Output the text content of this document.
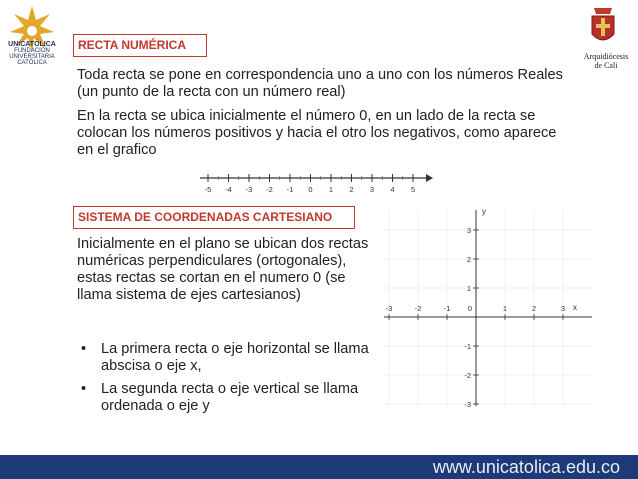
UNICATÓLICA
FUNDACIÓN
UNIVERSITARIA
CATÓLICA
Arquidiócesis
de Cali
RECTA NUMÉRICA
Toda recta se pone en correspondencia uno a uno con los números Reales (un punto de la recta con un número real)
En la recta se ubica inicialmente el número 0, en un lado de la recta se colocan los números positivos y hacia el otro los negativos, como aparece en el grafico
-5 -4 -3 -2 -1 0 1 2 3 4 5
SISTEMA DE COORDENADAS CARTESIANO
Inicialmente en el plano se ubican dos rectas numéricas perpendiculares (ortogonales), estas rectas se cortan en el numero 0 (se llama sistema de ejes cartesianos)
• La primera recta o eje horizontal se llama abscisa o eje x,
• La segunda recta o eje vertical se llama ordenada o eje y
x
y
-3	-2	-1 0	1	2	3
3
2
1
-1
-2
-3
www.unicatolica.edu.co
